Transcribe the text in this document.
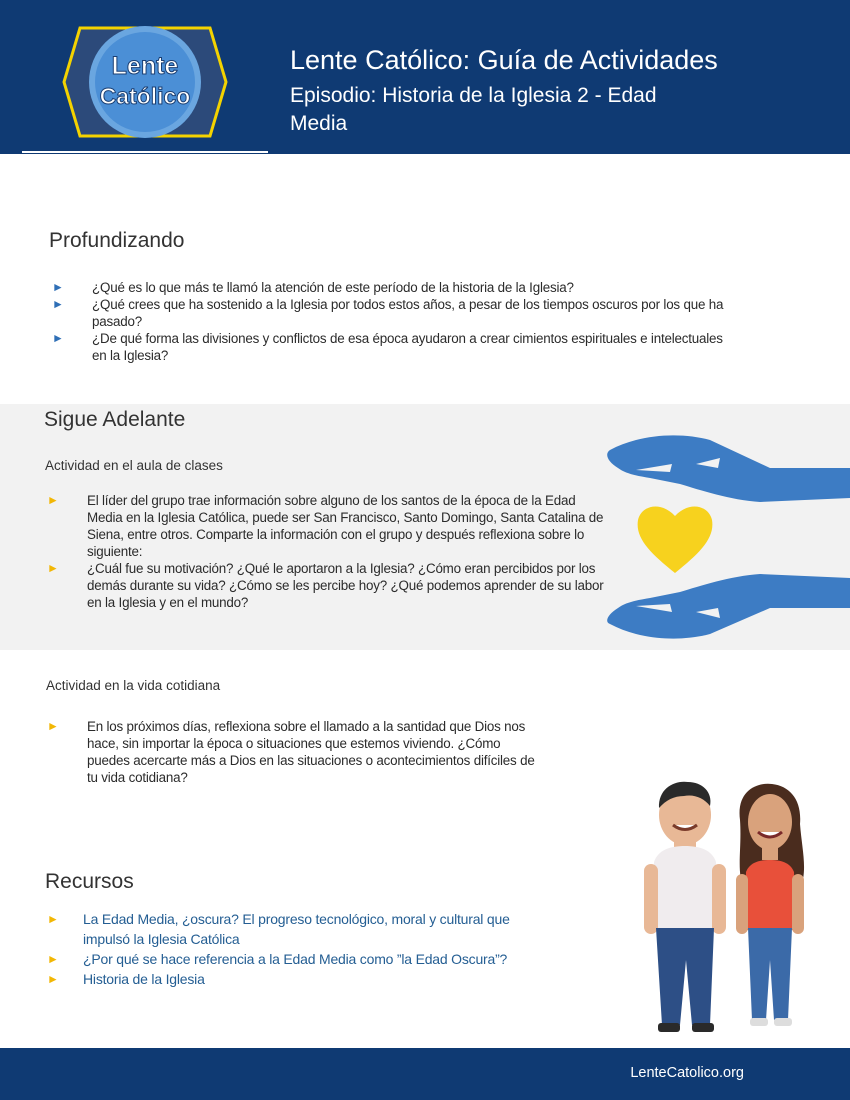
Lente
Católico
Lente Católico: Guía de Actividades
Episodio: Historia de la Iglesia 2 - Edad Media
Profundizando
► ¿Qué es lo que más te llamó la atención de este período de la historia de la Iglesia?
► ¿Qué crees que ha sostenido a la Iglesia por todos estos años, a pesar de los tiempos oscuros por los que ha pasado?
► ¿De qué forma las divisiones y conflictos de esa época ayudaron a crear cimientos espirituales e intelectuales en la Iglesia?
Sigue Adelante
Actividad en el aula de clases
► El líder del grupo trae información sobre alguno de los santos de la época de la Edad Media en la Iglesia Católica, puede ser San Francisco, Santo Domingo, Santa Catalina de Siena, entre otros. Comparte la información con el grupo y después reflexiona sobre lo siguiente:
► ¿Cuál fue su motivación? ¿Qué le aportaron a la Iglesia? ¿Cómo eran percibidos por los demás durante su vida? ¿Cómo se les percibe hoy? ¿Qué podemos aprender de su labor en la Iglesia y en el mundo?
Actividad en la vida cotidiana
► En los próximos días, reflexiona sobre el llamado a la santidad que Dios nos hace, sin importar la época o situaciones que estemos viviendo. ¿Cómo puedes acercarte más a Dios en las situaciones o acontecimientos difíciles de tu vida cotidiana?
Recursos
► La Edad Media, ¿oscura? El progreso tecnológico, moral y cultural que impulsó la Iglesia Católica
► ¿Por qué se hace referencia a la Edad Media como ”la Edad Oscura”?
► Historia de la Iglesia
LenteCatolico.org
